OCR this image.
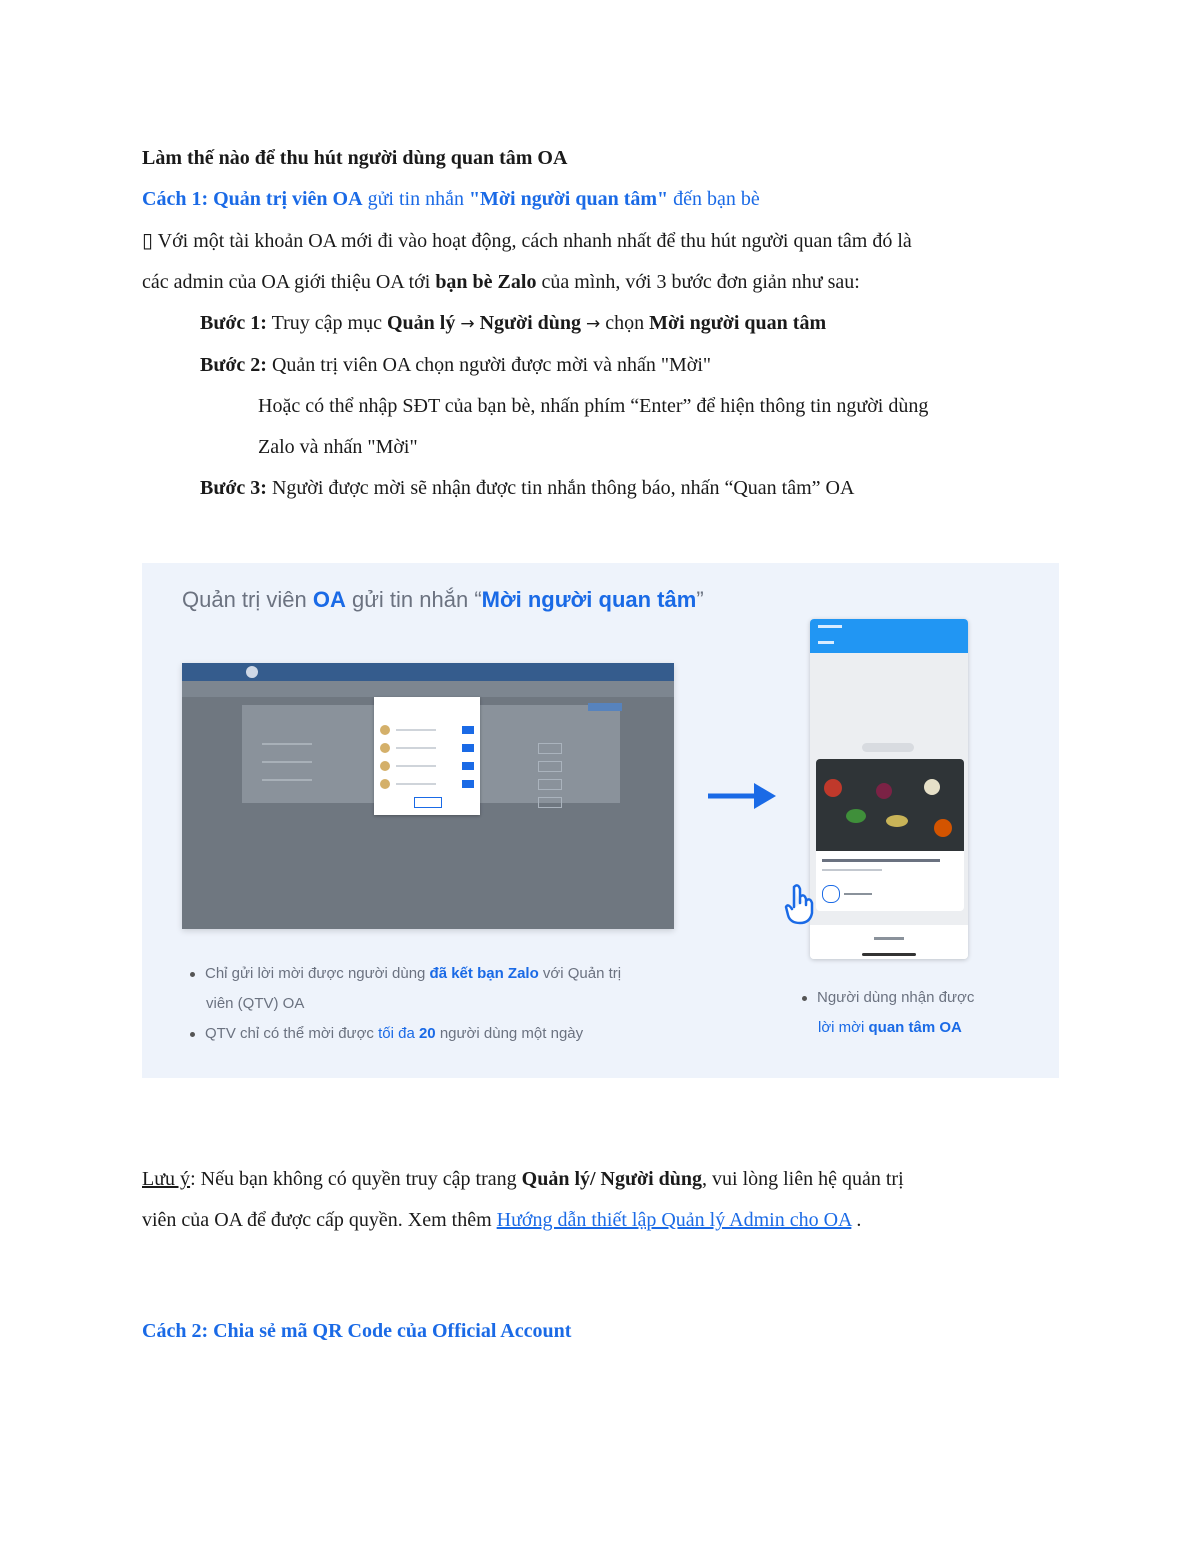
Làm thế nào để thu hút người dùng quan tâm OA

Cách 1: Quản trị viên OA gửi tin nhắn "Mời người quan tâm" đến bạn bè

▯ Với một tài khoản OA mới đi vào hoạt động, cách nhanh nhất để thu hút người quan tâm đó là

các admin của OA giới thiệu OA tới bạn bè Zalo của mình, với 3 bước đơn giản như sau:

Bước 1: Truy cập mục Quản lý → Người dùng → chọn Mời người quan tâm

Bước 2: Quản trị viên OA chọn người được mời và nhấn "Mời"

Hoặc có thể nhập SĐT của bạn bè, nhấn phím “Enter” để hiện thông tin người dùng

Zalo và nhấn "Mời"

Bước 3: Người được mời sẽ nhận được tin nhắn thông báo, nhấn “Quan tâm” OA

Quản trị viên OA gửi tin nhắn “Mời người quan tâm”
Chỉ gửi lời mời được người dùng đã kết bạn Zalo với Quản trị
viên (QTV) OA
QTV chỉ có thể mời được tối đa 20 người dùng một ngày
Người dùng nhận được
lời mời quan tâm OA

Lưu ý: Nếu bạn không có quyền truy cập trang Quản lý/ Người dùng, vui lòng liên hệ quản trị

viên của OA để được cấp quyền. Xem thêm Hướng dẫn thiết lập Quản lý Admin cho OA .

Cách 2: Chia sẻ mã QR Code của Official Account
